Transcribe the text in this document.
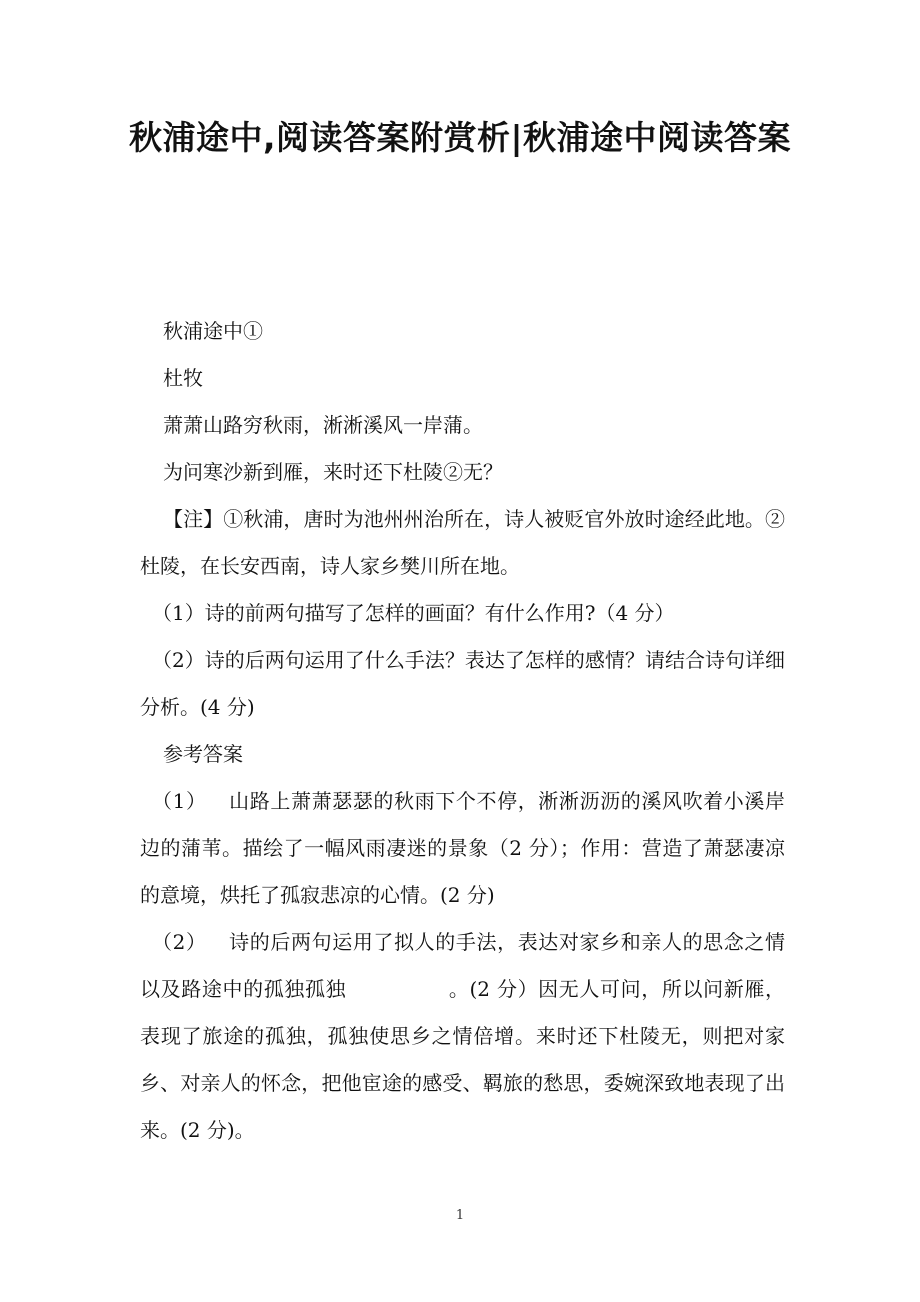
秋浦途中,阅读答案附赏析|秋浦途中阅读答案

秋浦途中①

杜牧

萧萧山路穷秋雨，淅淅溪风一岸蒲。

为问寒沙新到雁，来时还下杜陵②无？

【注】①秋浦，唐时为池州州治所在，诗人被贬官外放时途经此地。②杜陵，在长安西南，诗人家乡樊川所在地。

（1）诗的前两句描写了怎样的画面？有什么作用?（4 分）

（2）诗的后两句运用了什么手法？表达了怎样的感情？请结合诗句详细分析。(4 分)

参考答案

（1） 山路上萧萧瑟瑟的秋雨下个不停，淅淅沥沥的溪风吹着小溪岸边的蒲苇。描绘了一幅风雨凄迷的景象（2 分）；作用：营造了萧瑟凄凉的意境，烘托了孤寂悲凉的心情。(2 分)

（2） 诗的后两句运用了拟人的手法，表达对家乡和亲人的思念之情以及路途中的孤独孤独	。(2 分）因无人可问，所以问新雁，表现了旅途的孤独，孤独使思乡之情倍增。来时还下杜陵无，则把对家乡、对亲人的怀念，把他宦途的感受、羁旅的愁思，委婉深致地表现了出来。(2 分)。

1
